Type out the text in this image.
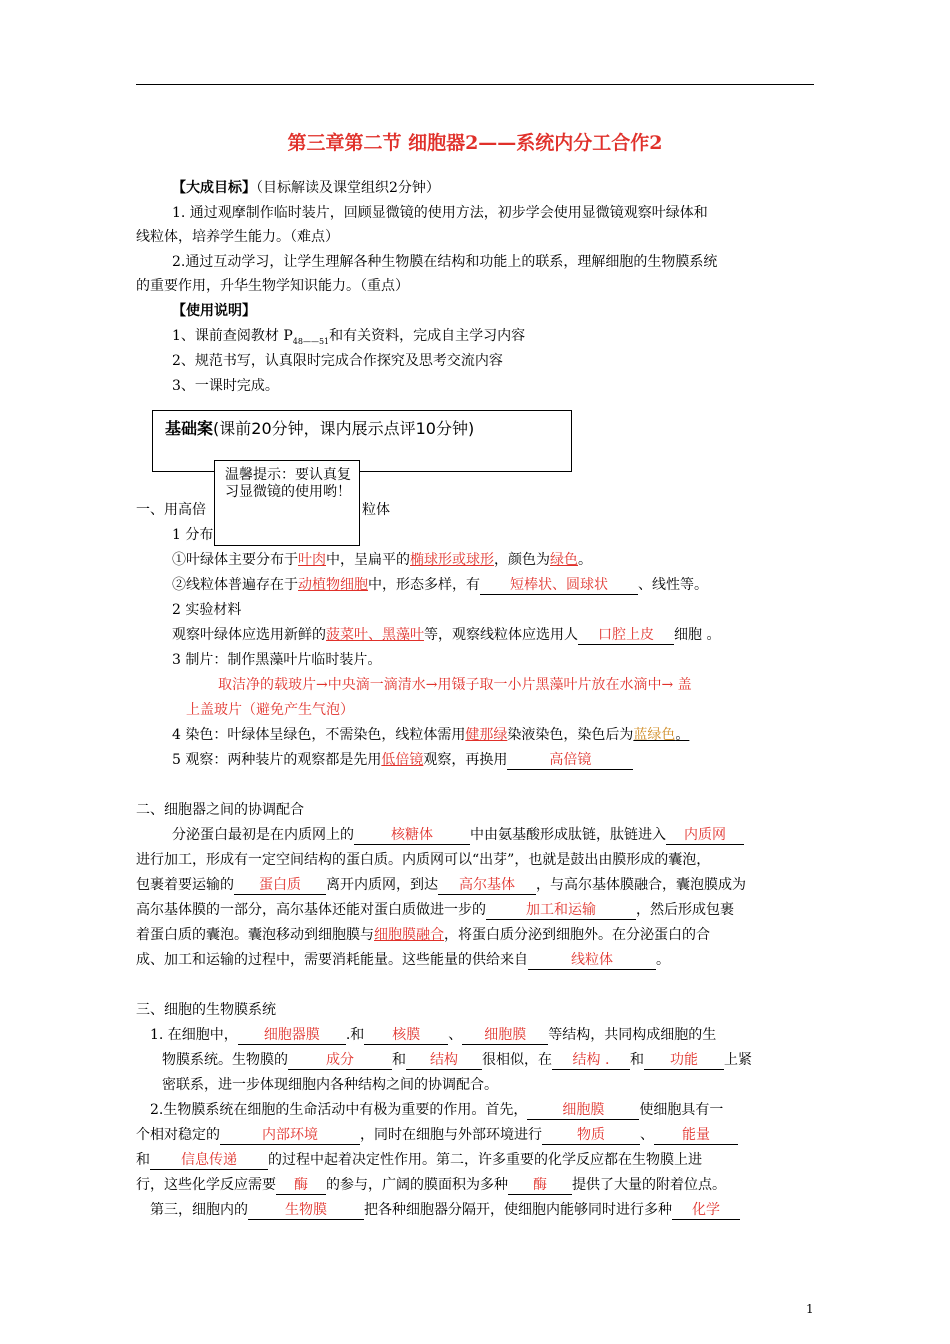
第三章第二节 细胞器2——系统内分工合作2
【大成目标】（目标解读及课堂组织2分钟）
1. 通过观摩制作临时装片，回顾显微镜的使用方法，初步学会使用显微镜观察叶绿体和
线粒体，培养学生能力。（难点）
2.通过互动学习，让学生理解各种生物膜在结构和功能上的联系，理解细胞的生物膜系统
的重要作用，升华生物学知识能力。（重点）
【使用说明】
1、课前查阅教材 $P_{48——51}$和有关资料，完成自主学习内容
2、规范书写，认真限时完成合作探究及思考交流内容
3、一课时完成。
基础案(课前20分钟，课内展示点评10分钟)
一、用高倍	粒体
1 分布
温馨提示：要认真复习显微镜的使用哟！
①叶绿体主要分布于叶肉中，呈扁平的椭球形或球形，颜色为绿色。
②线粒体普遍存在于动植物细胞中，形态多样，有 短棒状、圆球状 、线性等。
2 实验材料
观察叶绿体应选用新鲜的菠菜叶、黑藻叶等，观察线粒体应选用人 口腔上皮 细胞 。
3 制片：制作黑藻叶片临时装片。
取洁净的载玻片→中央滴一滴清水→用镊子取一小片黑藻叶片放在水滴中→ 盖
上盖玻片（避免产生气泡）
4 染色：叶绿体呈绿色，不需染色，线粒体需用健那绿染液染色，染色后为蓝绿色。
5 观察：两种装片的观察都是先用低倍镜观察，再换用	高倍镜
二、细胞器之间的协调配合
分泌蛋白最初是在内质网上的	核糖体	中由氨基酸形成肽链，肽链进入 内质网
进行加工，形成有一定空间结构的蛋白质。内质网可以“出芽”，也就是鼓出由膜形成的囊泡，
包裹着要运输的 蛋白质 离开内质网，到达 高尔基体 ，与高尔基体膜融合，囊泡膜成为
高尔基体膜的一部分，高尔基体还能对蛋白质做进一步的	加工和运输	，然后形成包裹
着蛋白质的囊泡。囊泡移动到细胞膜与细胞膜融合，将蛋白质分泌到细胞外。在分泌蛋白的合
成、加工和运输的过程中，需要消耗能量。这些能量的供给来自	线粒体	。
三、细胞的生物膜系统
1. 在细胞中， 细胞器膜 .和 核膜 、 细胞膜 等结构，共同构成细胞的生
物膜系统。生物膜的	成分	和 结构 很相似，在 结构 . 和 功能 上紧
密联系，进一步体现细胞内各种结构之间的协调配合。
2.生物膜系统在细胞的生命活动中有极为重要的作用。首先，	细胞膜	使细胞具有一
个相对稳定的	内部环境	，同时在细胞与外部环境进行	物质	、 能量
和 信息传递 的过程中起着决定性作用。第二，许多重要的化学反应都在生物膜上进
行，这些化学反应需要 酶 的参与，广阔的膜面积为多种 酶 提供了大量的附着位点。
第三，细胞内的	生物膜	把各种细胞器分隔开，使细胞内能够同时进行多种 化学
1
